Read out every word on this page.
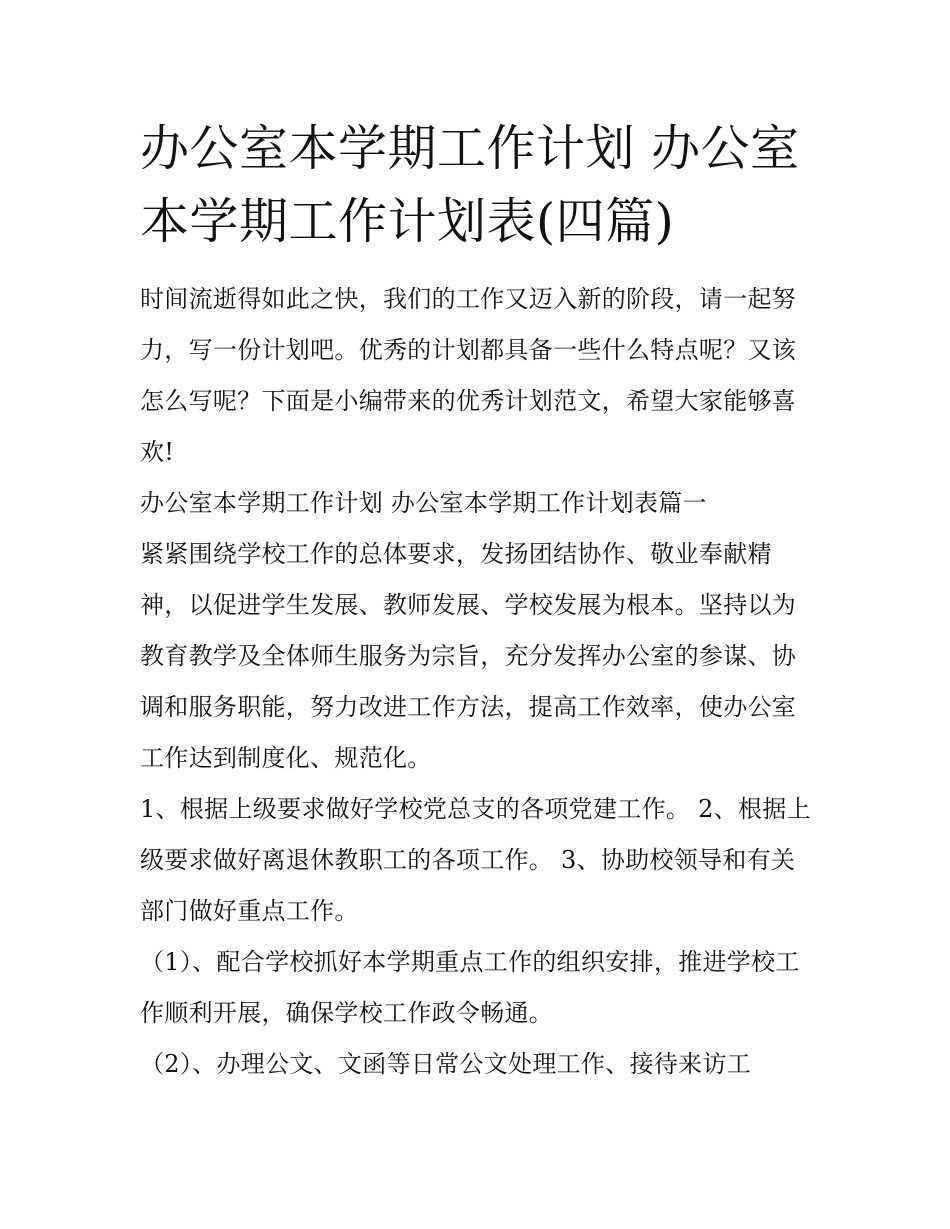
办公室本学期工作计划 办公室本学期工作计划表(四篇)

时间流逝得如此之快，我们的工作又迈入新的阶段，请一起努力，写一份计划吧。优秀的计划都具备一些什么特点呢？又该怎么写呢？下面是小编带来的优秀计划范文，希望大家能够喜欢!

办公室本学期工作计划 办公室本学期工作计划表篇一

紧紧围绕学校工作的总体要求，发扬团结协作、敬业奉献精神，以促进学生发展、教师发展、学校发展为根本。坚持以为教育教学及全体师生服务为宗旨，充分发挥办公室的参谋、协调和服务职能，努力改进工作方法，提高工作效率，使办公室工作达到制度化、规范化。

1、根据上级要求做好学校党总支的各项党建工作。 2、根据上级要求做好离退休教职工的各项工作。 3、协助校领导和有关部门做好重点工作。

（1）、配合学校抓好本学期重点工作的组织安排，推进学校工作顺利开展，确保学校工作政令畅通。

（2）、办理公文、文函等日常公文处理工作、接待来访工
